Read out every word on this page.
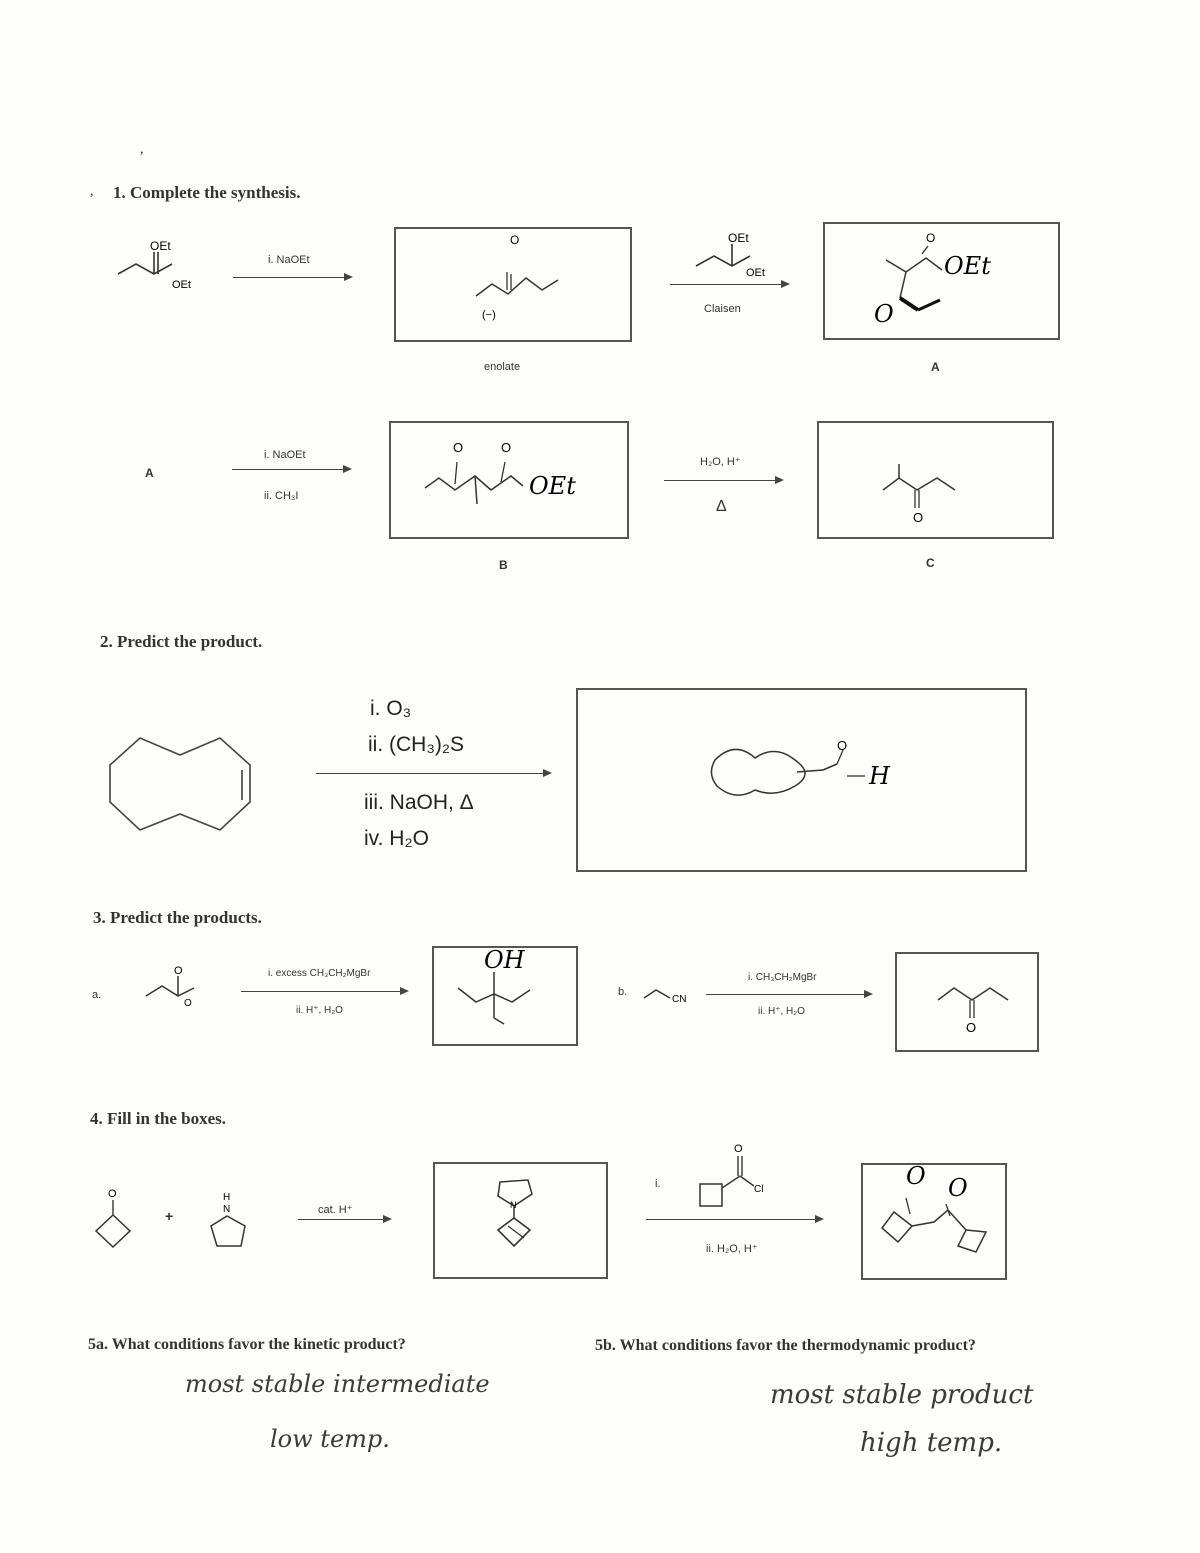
,
, 1. Complete the synthesis.
OEt
OEt
i. NaOEt
O
(−)
enolate
OEt
OEt
Claisen
O
OEt
O
A
A
i. NaOEt
ii. CH₃I
O	O
OEt
B
H₂O, H⁺
Δ
O
C
2. Predict the product.
i. O₃
ii. (CH₃)₂S
iii. NaOH, Δ
iv. H₂O
O
H
3. Predict the products.
a.
O
O
i. excess CH₃CH₂MgBr
ii. H⁺, H₂O
OH
b.
CN
i. CH₃CH₂MgBr
ii. H⁺, H₂O
O
4. Fill in the boxes.
O
+
H
N	cat. H⁺	N
i.
O
Cl
ii. H₂O, H⁺
O O
5a. What conditions favor the kinetic product?
most stable intermediate
low temp.
5b. What conditions favor the thermodynamic product?
most stable product
high temp.
